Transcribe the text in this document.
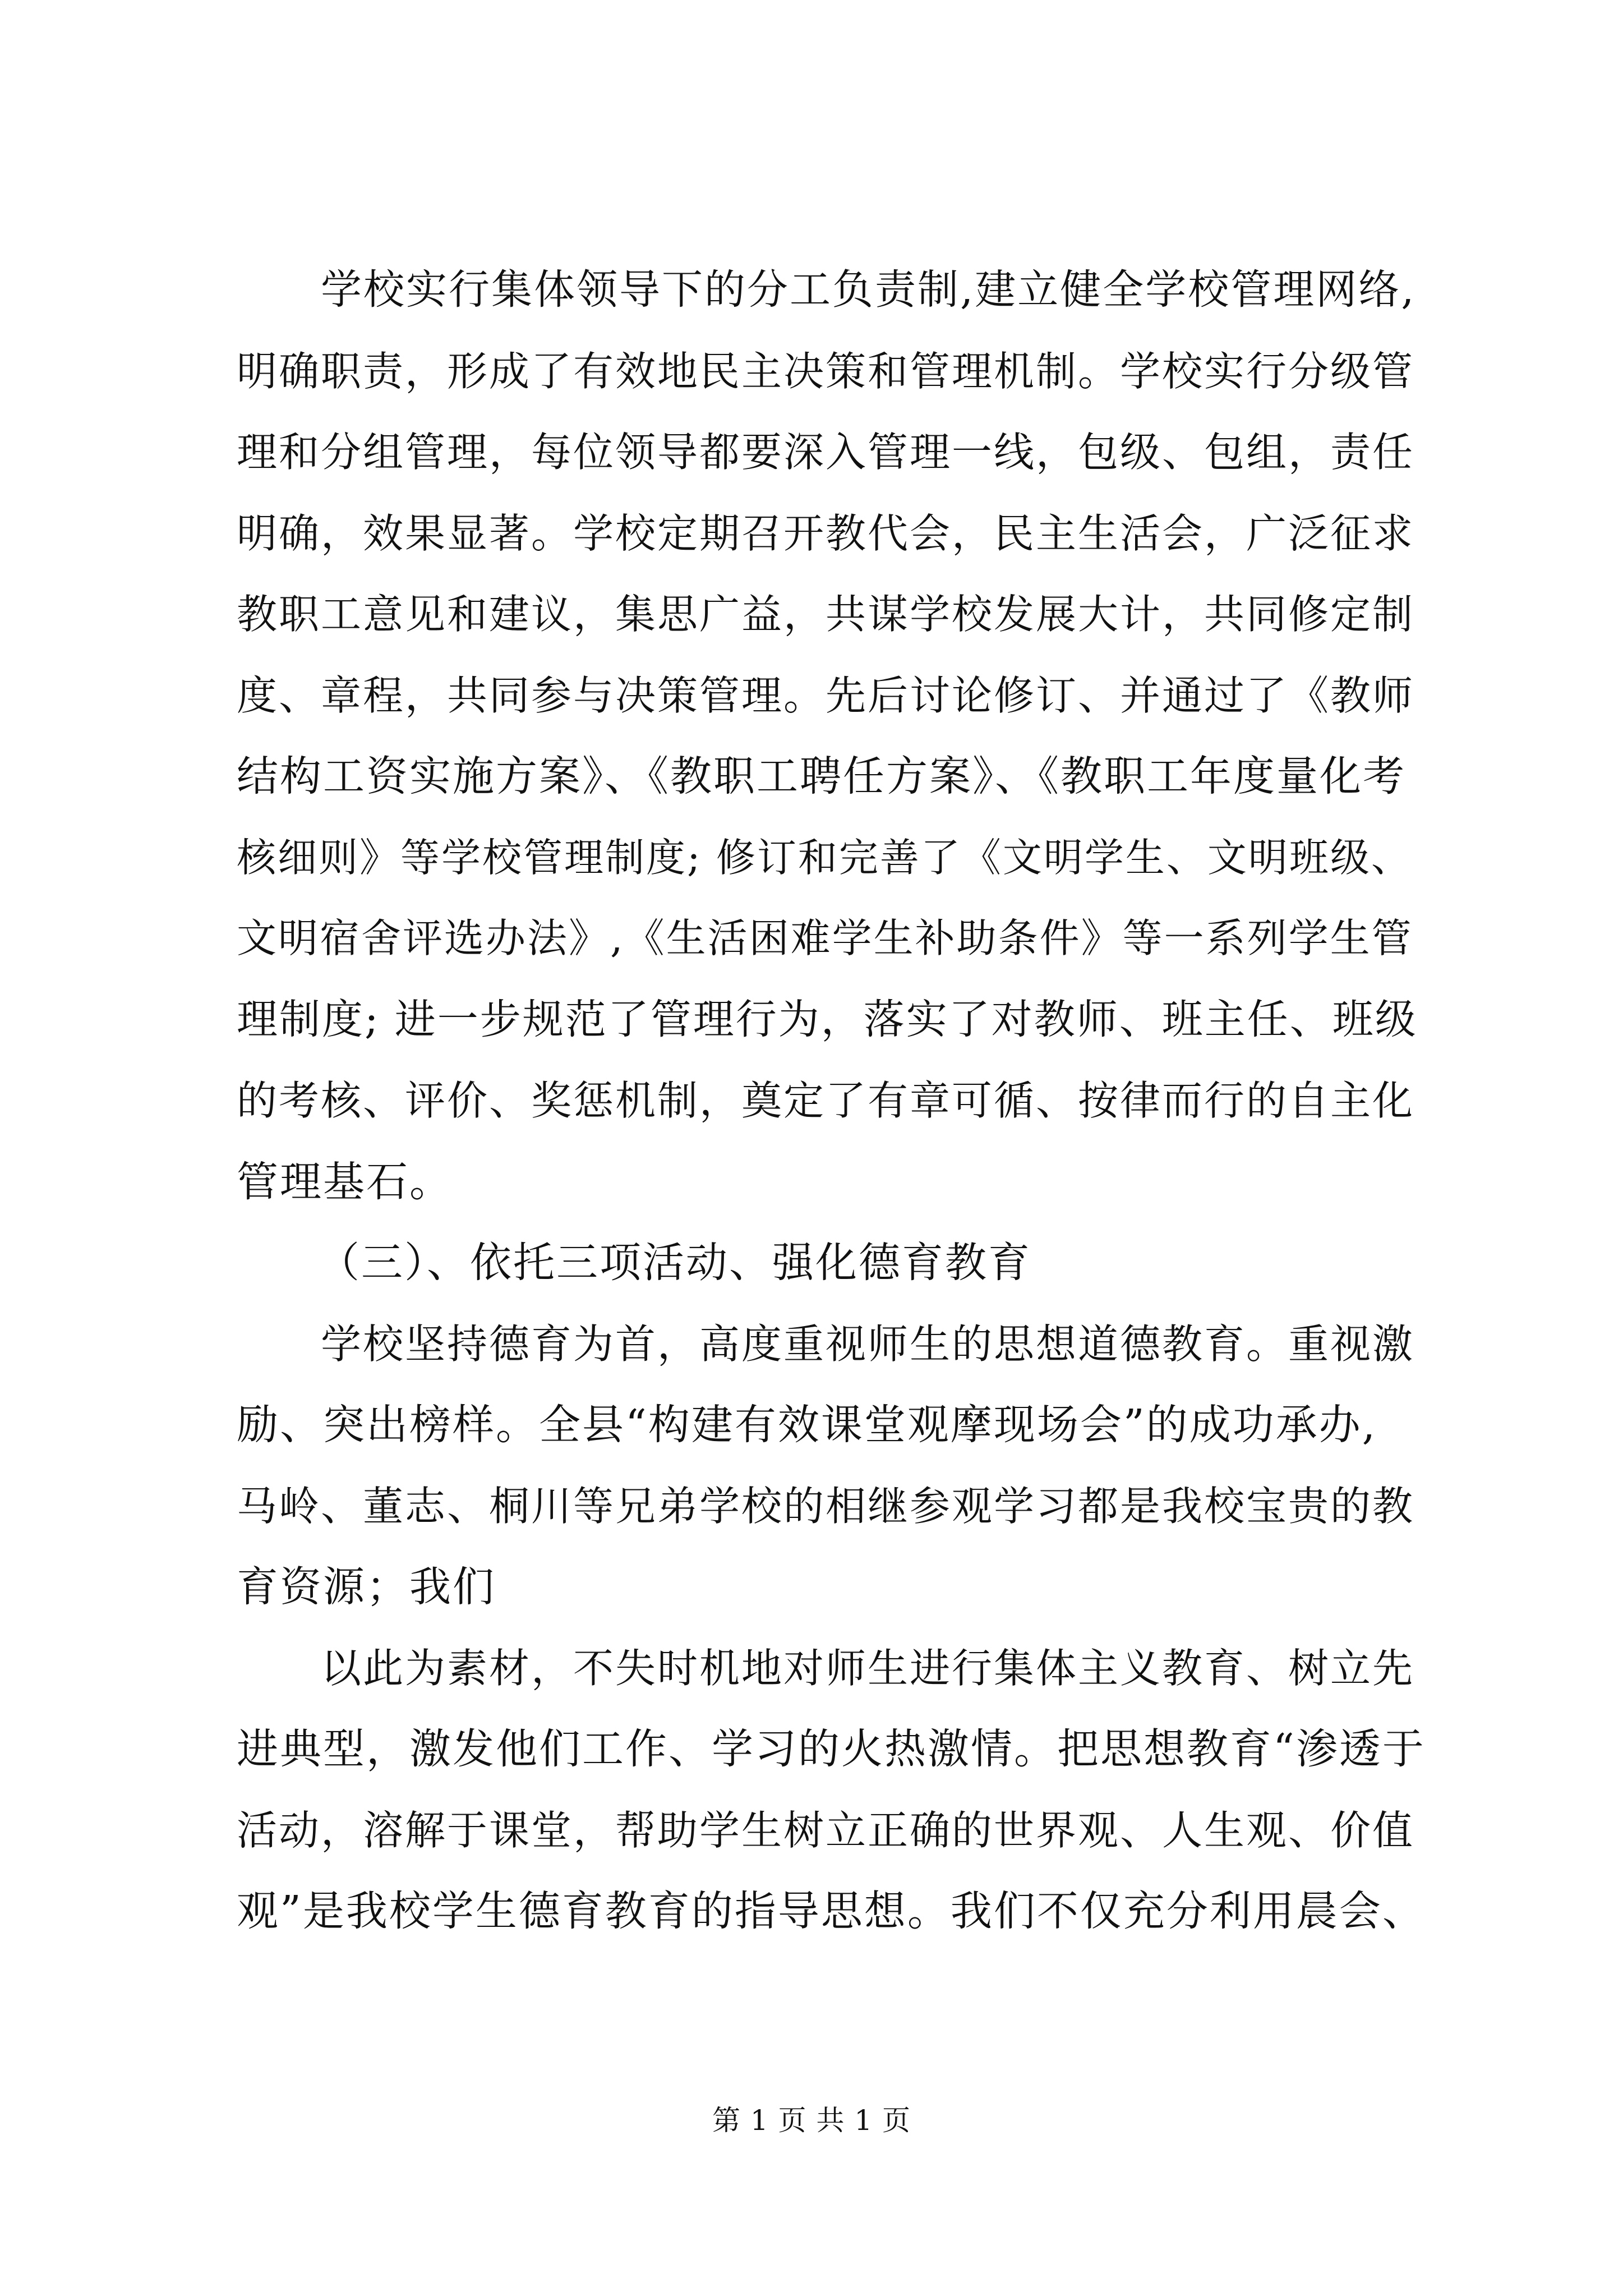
学校实行集体领导下的分工负责制,建立健全学校管理网络,
明确职责，形成了有效地民主决策和管理机制。学校实行分级管
理和分组管理，每位领导都要深入管理一线，包级、包组，责任
明确，效果显著。学校定期召开教代会，民主生活会，广泛征求
教职工意见和建议，集思广益，共谋学校发展大计，共同修定制
度、章程，共同参与决策管理。先后讨论修订、并通过了《教师
结构工资实施方案》、《教职工聘任方案》、《教职工年度量化考
核细则》等学校管理制度; 修订和完善了《文明学生、文明班级、
文明宿舍评选办法》,《生活困难学生补助条件》等一系列学生管
理制度; 进一步规范了管理行为，落实了对教师、班主任、班级
的考核、评价、奖惩机制，奠定了有章可循、按律而行的自主化
管理基石。
（三）、依托三项活动、强化德育教育
学校坚持德育为首，高度重视师生的思想道德教育。重视激
励、突出榜样。全县“构建有效课堂观摩现场会”的成功承办,
马岭、董志、桐川等兄弟学校的相继参观学习都是我校宝贵的教
育资源；我们
以此为素材，不失时机地对师生进行集体主义教育、树立先
进典型，激发他们工作、学习的火热激情。把思想教育“渗透于
活动，溶解于课堂，帮助学生树立正确的世界观、人生观、价值
观”是我校学生德育教育的指导思想。我们不仅充分利用晨会、
第 1 页 共 1 页
